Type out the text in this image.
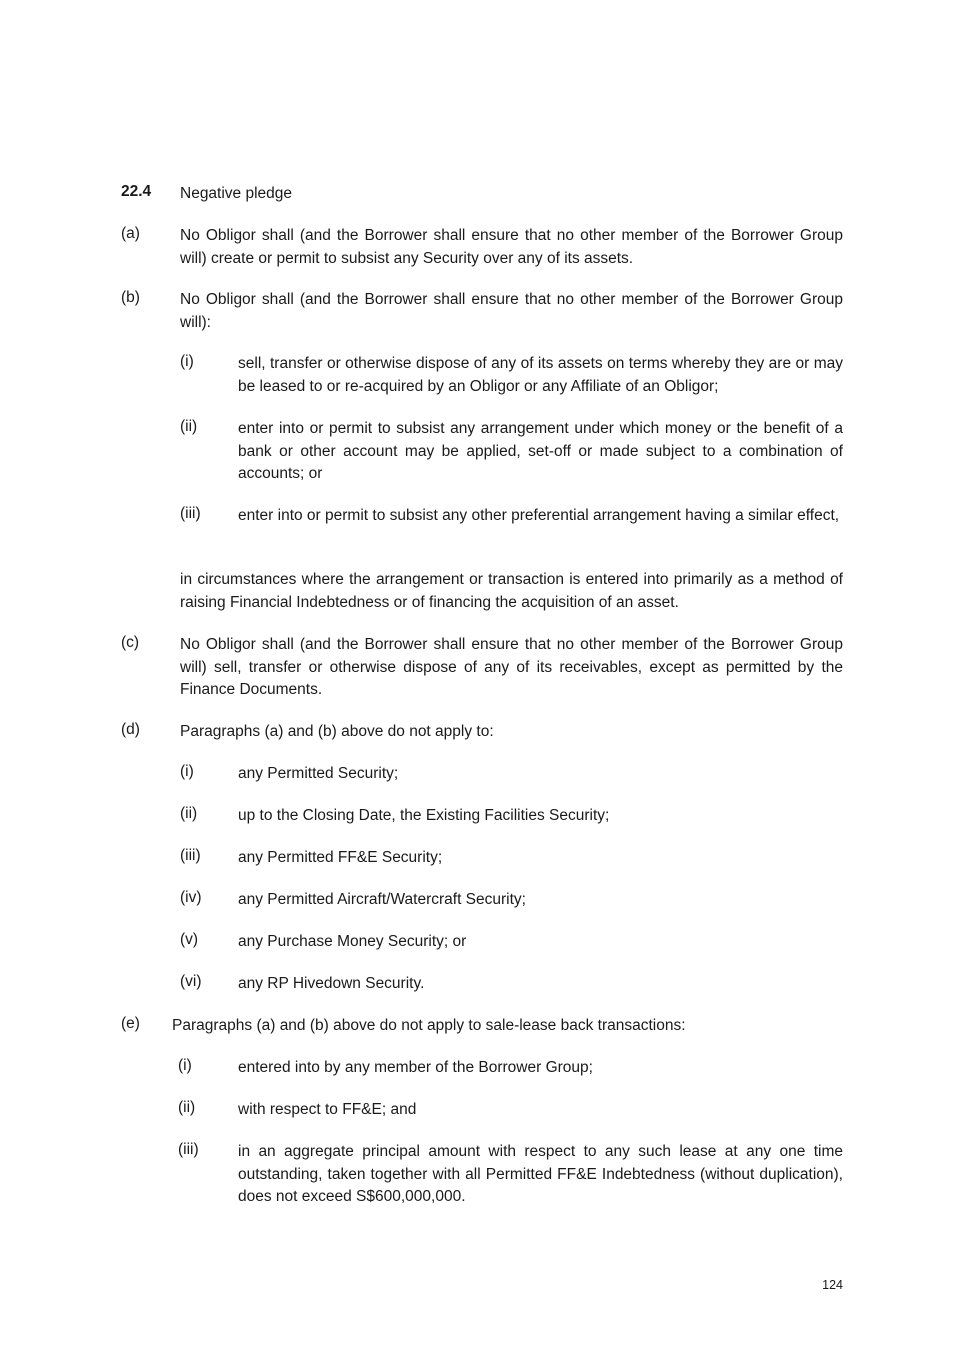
22.4 Negative pledge
(a)	No Obligor shall (and the Borrower shall ensure that no other member of the Borrower Group will) create or permit to subsist any Security over any of its assets.
(b)	No Obligor shall (and the Borrower shall ensure that no other member of the Borrower Group will):
(i)	sell, transfer or otherwise dispose of any of its assets on terms whereby they are or may be leased to or re-acquired by an Obligor or any Affiliate of an Obligor;
(ii)	enter into or permit to subsist any arrangement under which money or the benefit of a bank or other account may be applied, set-off or made subject to a combination of accounts; or
(iii) enter into or permit to subsist any other preferential arrangement having a similar effect,
in circumstances where the arrangement or transaction is entered into primarily as a method of raising Financial Indebtedness or of financing the acquisition of an asset.
(c)	No Obligor shall (and the Borrower shall ensure that no other member of the Borrower Group will) sell, transfer or otherwise dispose of any of its receivables, except as permitted by the Finance Documents.
(d)	Paragraphs (a) and (b) above do not apply to:
(i)	any Permitted Security;
(ii)	up to the Closing Date, the Existing Facilities Security;
(iii) any Permitted FF&E Security;
(iv) any Permitted Aircraft/Watercraft Security;
(v)	any Purchase Money Security; or
(vi) any RP Hivedown Security.
(e) Paragraphs (a) and (b) above do not apply to sale-lease back transactions:
(i)	entered into by any member of the Borrower Group;
(ii)	with respect to FF&E; and
(iii)	in an aggregate principal amount with respect to any such lease at any one time outstanding, taken together with all Permitted FF&E Indebtedness (without duplication), does not exceed S$600,000,000.
124
